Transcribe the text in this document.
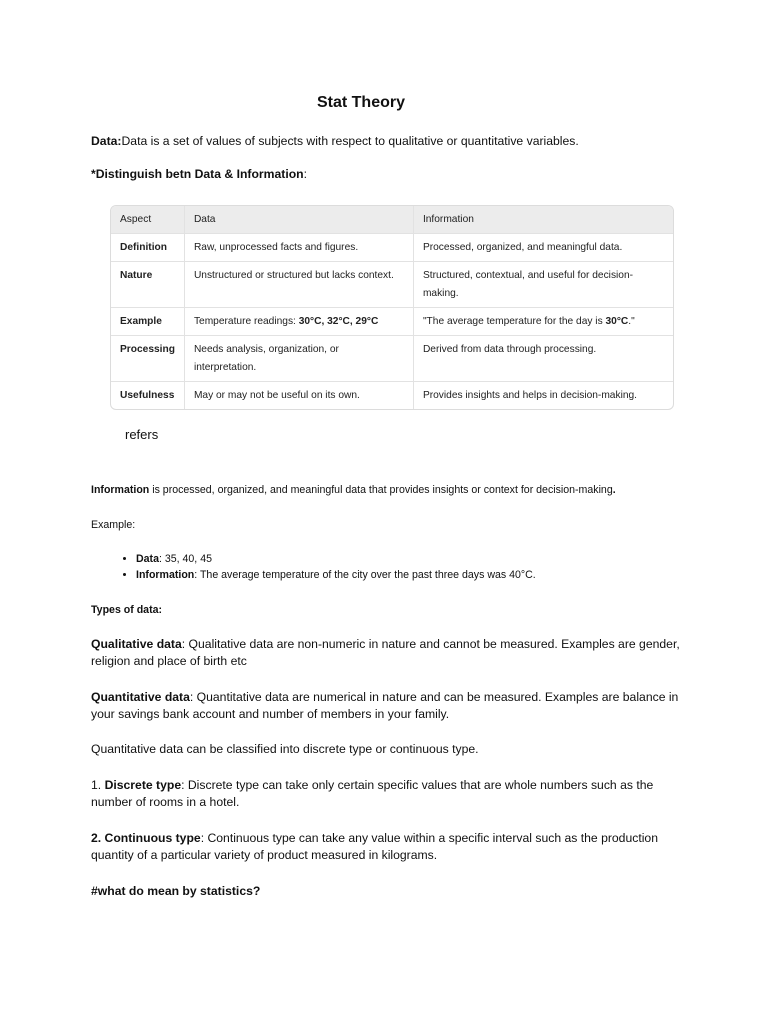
Stat Theory
Data:Data is a set of values of subjects with respect to qualitative or quantitative variables.
*Distinguish betn Data & Information:
Aspect	Data	Information
Definition	Raw, unprocessed facts and figures.	Processed, organized, and meaningful data.
Nature	Unstructured or structured but lacks context.	Structured, contextual, and useful for decision-making.
Example	Temperature readings: 30°C, 32°C, 29°C	"The average temperature for the day is 30°C."
Processing	Needs analysis, organization, or interpretation.	Derived from data through processing.
Usefulness	May or may not be useful on its own.	Provides insights and helps in decision-making.
refers
Information is processed, organized, and meaningful data that provides insights or context for decision-making.
Example:
• Data: 35, 40, 45
• Information: The average temperature of the city over the past three days was 40°C.
Types of data:
Qualitative data: Qualitative data are non-numeric in nature and cannot be measured. Examples are gender, religion and place of birth etc
Quantitative data: Quantitative data are numerical in nature and can be measured. Examples are balance in your savings bank account and number of members in your family.
Quantitative data can be classified into discrete type or continuous type.
1. Discrete type: Discrete type can take only certain specific values that are whole numbers such as the number of rooms in a hotel.
2. Continuous type: Continuous type can take any value within a specific interval such as the production quantity of a particular variety of product measured in kilograms.
#what do mean by statistics?
